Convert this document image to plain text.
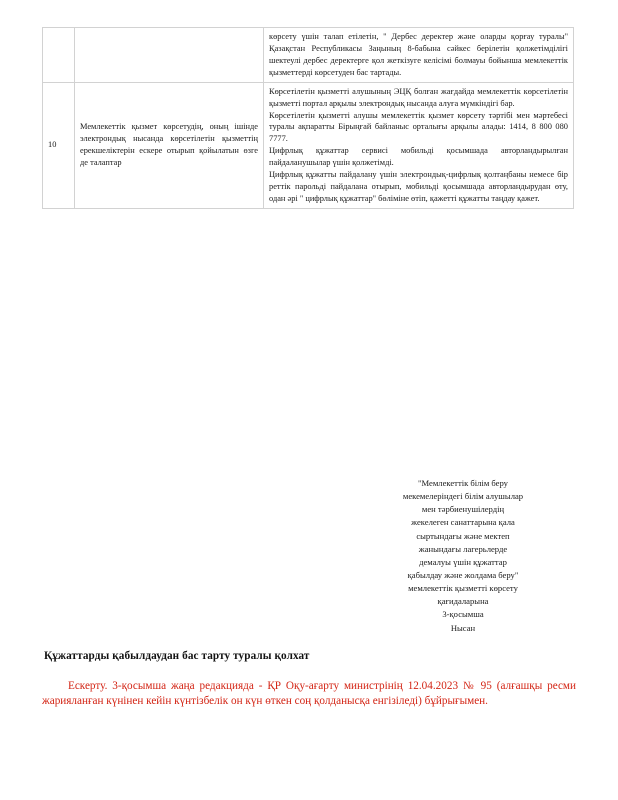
		көрсету үшін талап етілетін, " Дербес деректер және оларды қорғау туралы" Қазақстан Республикасы Заңының 8-бабына сәйкес берілетін қолжетімділігі шектеулі дербес деректерге қол жеткізуге келісімі болмауы бойынша мемлекеттік қызметтерді көрсетуден бас тартады.

10	Мемлекеттік қызмет көрсетудің, оның ішінде электрондық нысанда көрсетілетін қызметтің ерекшеліктерін ескере отырып қойылатын өзге де талаптар	Көрсетілетін қызметті алушының ЭЦҚ болған жағдайда мемлекеттік көрсетілетін қызметті портал арқылы электрондық нысанда алуға мүмкіндігі бар.

Көрсетілетін қызметті алушы мемлекеттік қызмет көрсету тәртібі мен мәртебесі туралы ақпаратты Бірыңғай байланыс орталығы арқылы алады: 1414, 8 800 080 7777.

Цифрлық құжаттар сервисі мобильді қосымшада авторландырылған пайдаланушылар үшін қолжетімді.

Цифрлық құжатты пайдалану үшін электрондық-цифрлық қолтаңбаны немесе бір реттік парольді пайдалана отырып, мобильді қосымшада авторландырудан өту, одан әрі " цифрлық құжаттар" бөліміне өтіп, қажетті құжатты таңдау қажет.

"Мемлекеттік білім беру
мекемелеріндегі білім алушылар
мен тәрбиенушілердің
жекелеген санаттарына қала
сыртындағы және мектеп
жанындағы лагерьлерде
демалуы үшін құжаттар
қабылдау және жолдама беру"
мемлекеттік қызметті көрсету
қағидаларына
3-қосымша
Нысан
Құжаттарды қабылдаудан бас тарту туралы қолхат
Ескерту. 3-қосымша жаңа редакцияда - ҚР Оқу-ағарту министрінің 12.04.2023 № 95 (алғашқы ресми жарияланған күнінен кейін күнтізбелік он күн өткен соң қолданысқа енгізіледі) бұйрығымен.
